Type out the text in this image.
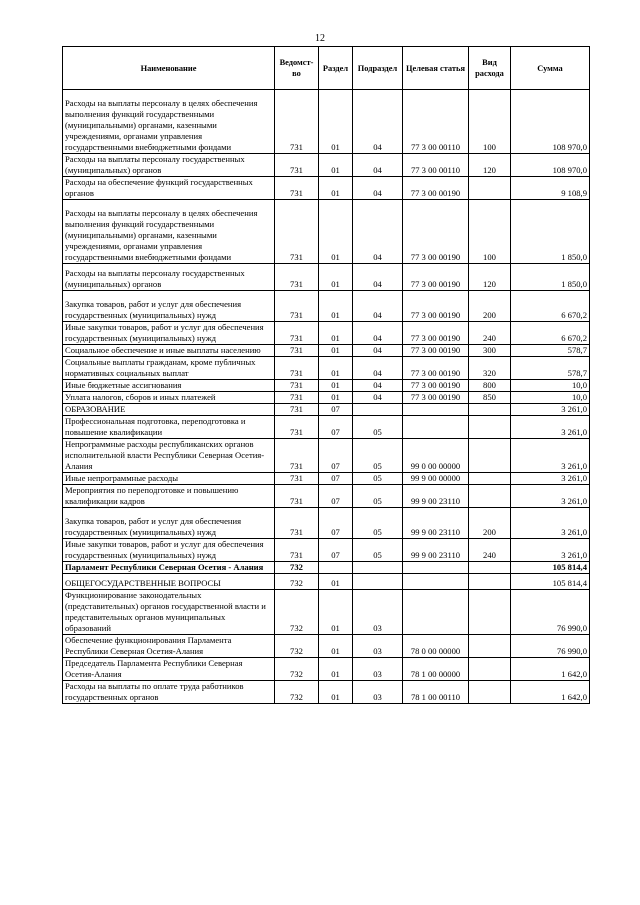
12
Наименование	Ведомст-во	Раздел	Подраздел	Целевая статья	Вид расхода	Сумма
Расходы на выплаты персоналу в целях обеспечения выполнения функций государственными (муниципальными) органами, казенными учреждениями, органами управления государственными внебюджетными фондами	731	01	04	77 3 00 00110	100	108 970,0
Расходы на выплаты персоналу государственных (муниципальных) органов	731	01	04	77 3 00 00110	120	108 970,0
Расходы на обеспечение функций государственных органов	731	01	04	77 3 00 00190		9 108,9
Расходы на выплаты персоналу в целях обеспечения выполнения функций государственными (муниципальными) органами, казенными учреждениями, органами управления государственными внебюджетными фондами	731	01	04	77 3 00 00190	100	1 850,0
Расходы на выплаты персоналу государственных (муниципальных) органов	731	01	04	77 3 00 00190	120	1 850,0
Закупка товаров, работ и услуг для обеспечения государственных (муниципальных) нужд	731	01	04	77 3 00 00190	200	6 670,2
Иные закупки товаров, работ и услуг для обеспечения государственных (муниципальных) нужд	731	01	04	77 3 00 00190	240	6 670,2
Социальное обеспечение и иные выплаты населению	731	01	04	77 3 00 00190	300	578,7
Социальные выплаты гражданам, кроме публичных нормативных социальных выплат	731	01	04	77 3 00 00190	320	578,7
Иные бюджетные ассигнования	731	01	04	77 3 00 00190	800	10,0
Уплата налогов, сборов и иных платежей	731	01	04	77 3 00 00190	850	10,0
ОБРАЗОВАНИЕ	731	07				3 261,0
Профессиональная подготовка, переподготовка и повышение квалификации	731	07	05			3 261,0
Непрограммные расходы республиканских органов исполнительной власти Республики Северная Осетия-Алания	731	07	05	99 0 00 00000		3 261,0
Иные непрограммные расходы	731	07	05	99 9 00 00000		3 261,0
Мероприятия по переподготовке и повышению квалификации кадров	731	07	05	99 9 00 23110		3 261,0
Закупка товаров, работ и услуг для обеспечения государственных (муниципальных) нужд	731	07	05	99 9 00 23110	200	3 261,0
Иные закупки товаров, работ и услуг для обеспечения государственных (муниципальных) нужд	731	07	05	99 9 00 23110	240	3 261,0
Парламент Республики Северная Осетия - Алания	732					105 814,4
ОБЩЕГОСУДАРСТВЕННЫЕ ВОПРОСЫ	732	01				105 814,4
Функционирование законодательных (представительных) органов государственной власти и представительных органов муниципальных образований	732	01	03			76 990,0
Обеспечение функционирования Парламента Республики Северная Осетия-Алания	732	01	03	78 0 00 00000		76 990,0
Председатель Парламента Республики Северная Осетия-Алания	732	01	03	78 1 00 00000		1 642,0
Расходы на выплаты по оплате труда работников государственных органов	732	01	03	78 1 00 00110		1 642,0
